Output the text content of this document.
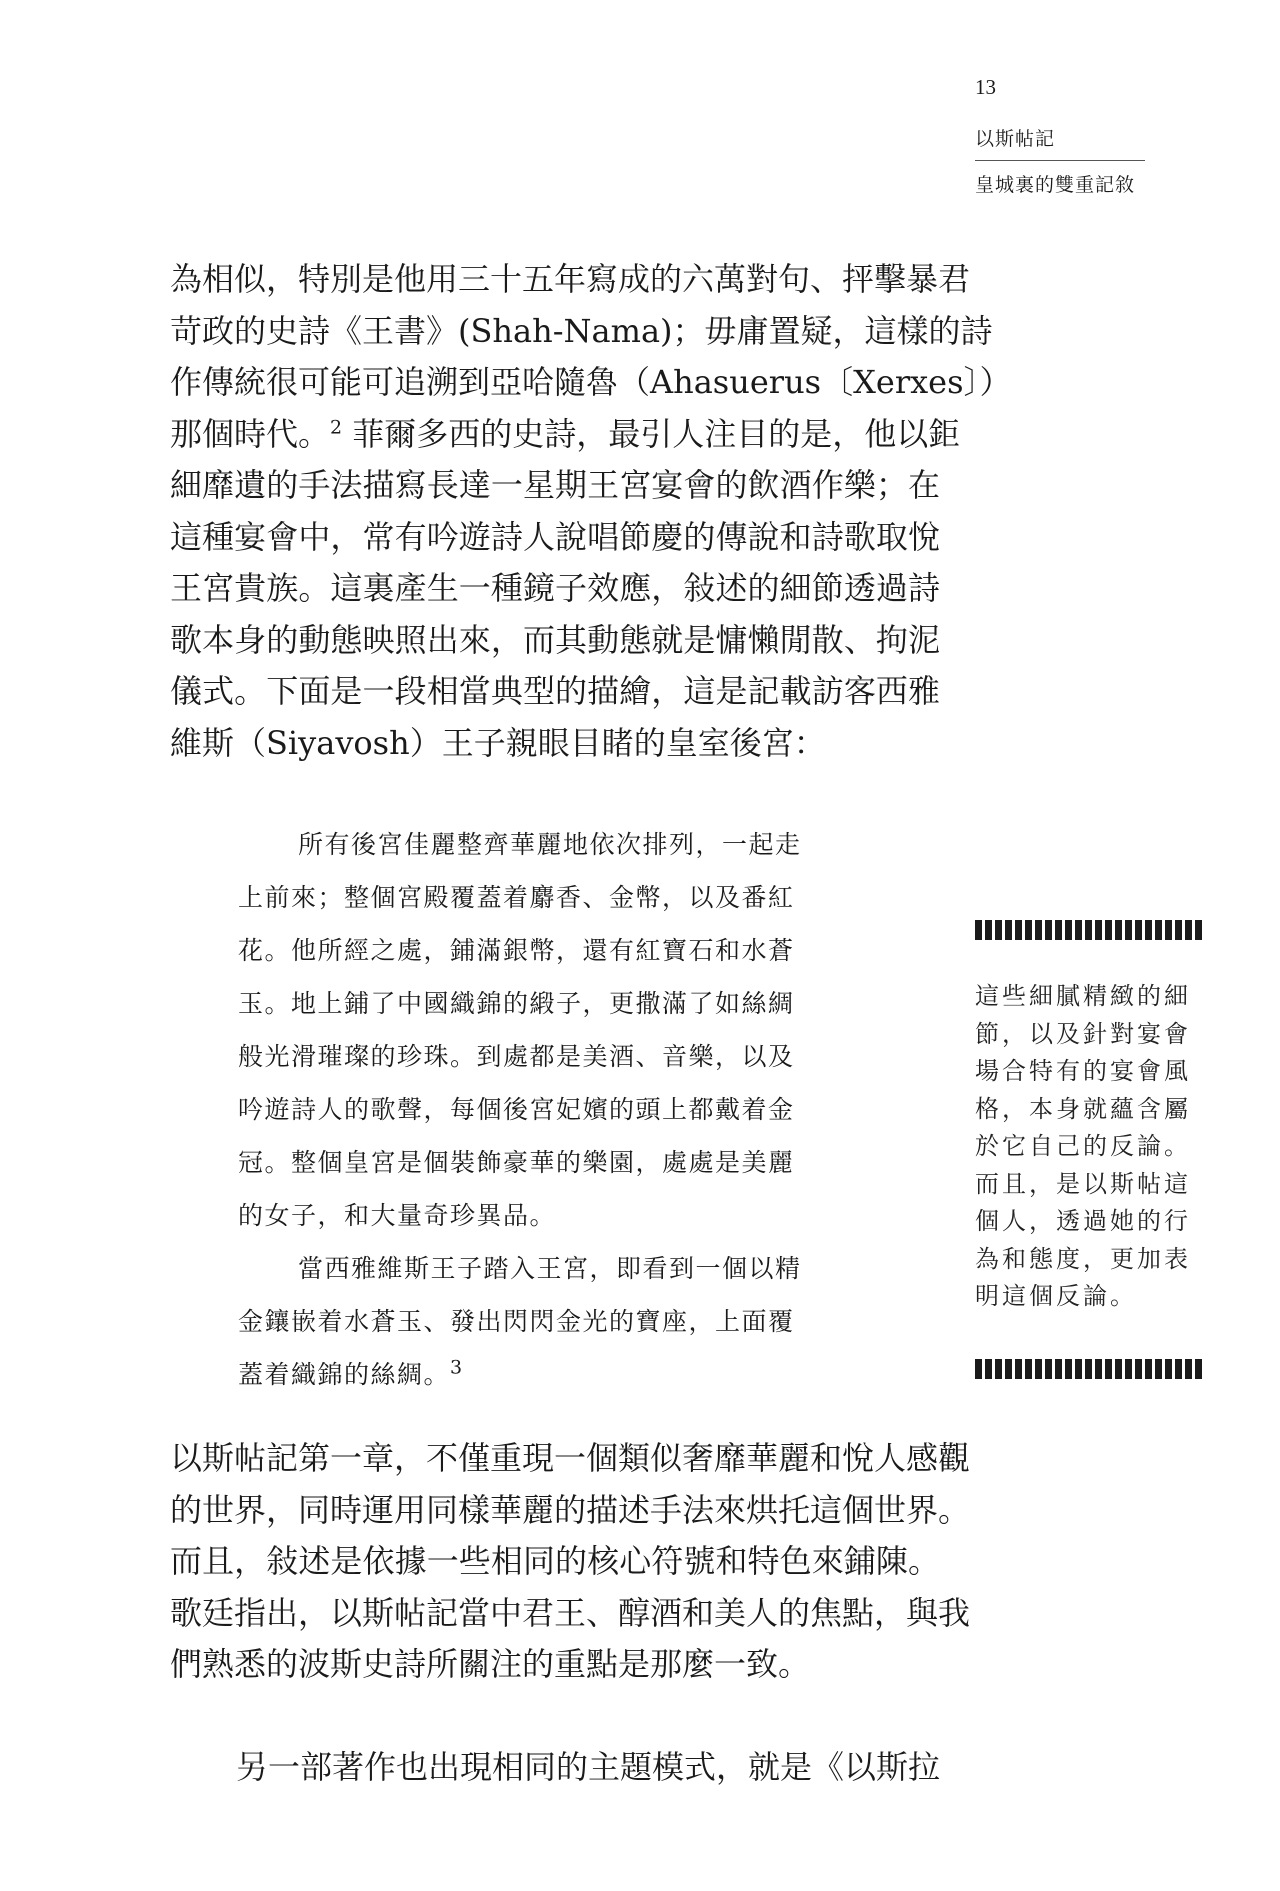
13
以斯帖記
皇城裏的雙重記敘
為相似，特別是他用三十五年寫成的六萬對句、抨擊暴君
苛政的史詩《王書》(Shah-Nama)；毋庸置疑，這樣的詩
作傳統很可能可追溯到亞哈隨魯（Ahasuerus〔Xerxes〕）
那個時代。$^2$ 菲爾多西的史詩，最引人注目的是，他以鉅
細靡遺的手法描寫長達一星期王宮宴會的飲酒作樂；在
這種宴會中，常有吟遊詩人說唱節慶的傳說和詩歌取悅
王宮貴族。這裏產生一種鏡子效應，敍述的細節透過詩
歌本身的動態映照出來，而其動態就是慵懶閒散、拘泥
儀式。下面是一段相當典型的描繪，這是記載訪客西雅
維斯（Siyavosh）王子親眼目睹的皇室後宮：
所有後宮佳麗整齊華麗地依次排列，一起走
上前來；整個宮殿覆蓋着麝香、金幣，以及番紅
花。他所經之處，鋪滿銀幣，還有紅寶石和水蒼
玉。地上鋪了中國織錦的緞子，更撒滿了如絲綢
般光滑璀璨的珍珠。到處都是美酒、音樂，以及
吟遊詩人的歌聲，每個後宮妃嬪的頭上都戴着金
冠。整個皇宮是個裝飾豪華的樂園，處處是美麗
的女子，和大量奇珍異品。
當西雅維斯王子踏入王宮，即看到一個以精
金鑲嵌着水蒼玉、發出閃閃金光的寶座，上面覆
蓋着織錦的絲綢。$^3$
這些細膩精緻的細
節，以及針對宴會
場合特有的宴會風
格，本身就蘊含屬
於它自己的反論。
而且，是以斯帖這
個人，透過她的行
為和態度，更加表
明這個反論。
以斯帖記第一章，不僅重現一個類似奢靡華麗和悅人感觀
的世界，同時運用同樣華麗的描述手法來烘托這個世界。
而且，敍述是依據一些相同的核心符號和特色來鋪陳。
歌廷指出，以斯帖記當中君王、醇酒和美人的焦點，與我
們熟悉的波斯史詩所關注的重點是那麼一致。
另一部著作也出現相同的主題模式，就是《以斯拉
